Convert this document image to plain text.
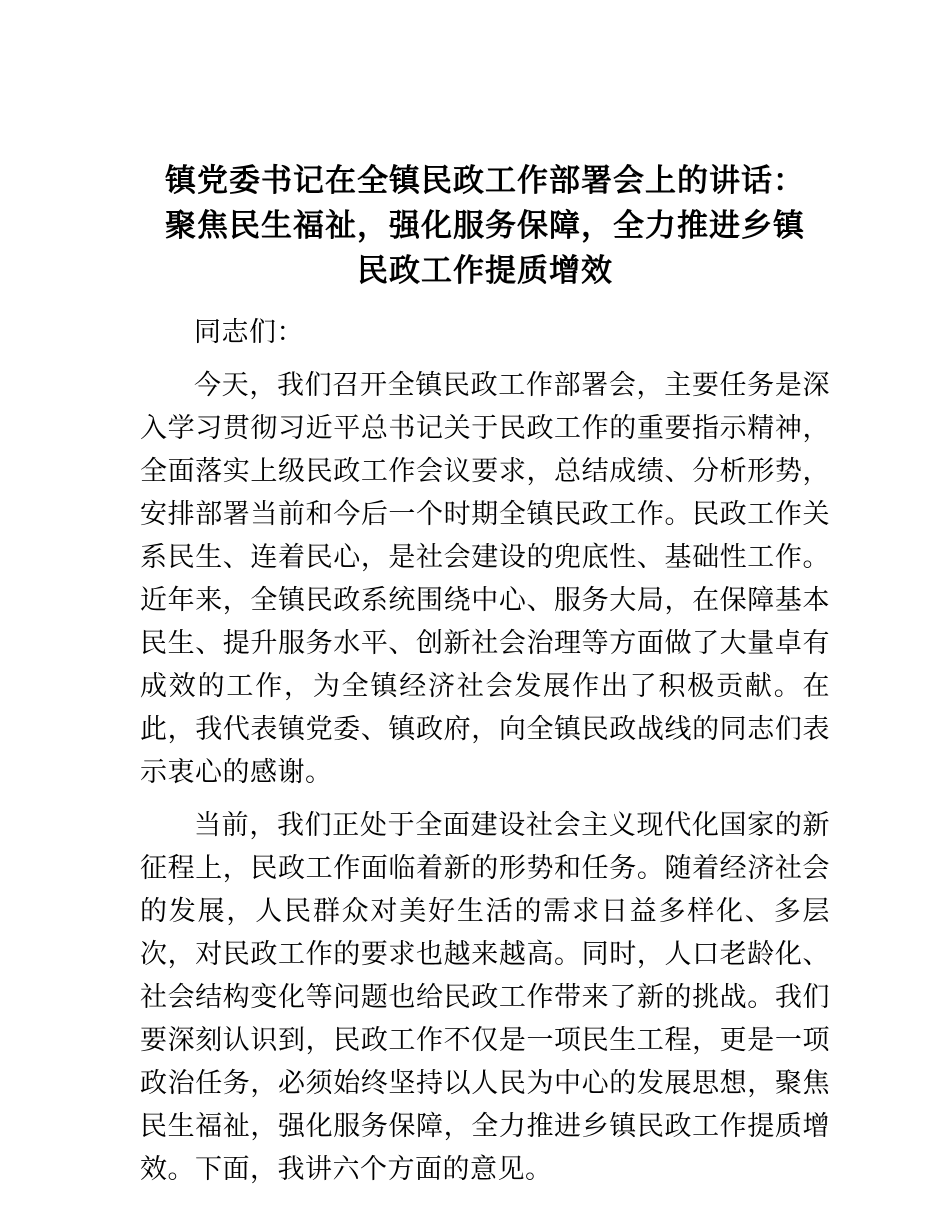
镇党委书记在全镇民政工作部署会上的讲话：
聚焦民生福祉，强化服务保障，全力推进乡镇
民政工作提质增效

同志们：

今天，我们召开全镇民政工作部署会，主要任务是深入学习贯彻习近平总书记关于民政工作的重要指示精神，全面落实上级民政工作会议要求，总结成绩、分析形势，安排部署当前和今后一个时期全镇民政工作。民政工作关系民生、连着民心，是社会建设的兜底性、基础性工作。近年来，全镇民政系统围绕中心、服务大局，在保障基本民生、提升服务水平、创新社会治理等方面做了大量卓有成效的工作，为全镇经济社会发展作出了积极贡献。在此，我代表镇党委、镇政府，向全镇民政战线的同志们表示衷心的感谢。

当前，我们正处于全面建设社会主义现代化国家的新征程上，民政工作面临着新的形势和任务。随着经济社会的发展，人民群众对美好生活的需求日益多样化、多层次，对民政工作的要求也越来越高。同时，人口老龄化、社会结构变化等问题也给民政工作带来了新的挑战。我们要深刻认识到，民政工作不仅是一项民生工程，更是一项政治任务，必须始终坚持以人民为中心的发展思想，聚焦民生福祉，强化服务保障，全力推进乡镇民政工作提质增效。下面，我讲六个方面的意见。
